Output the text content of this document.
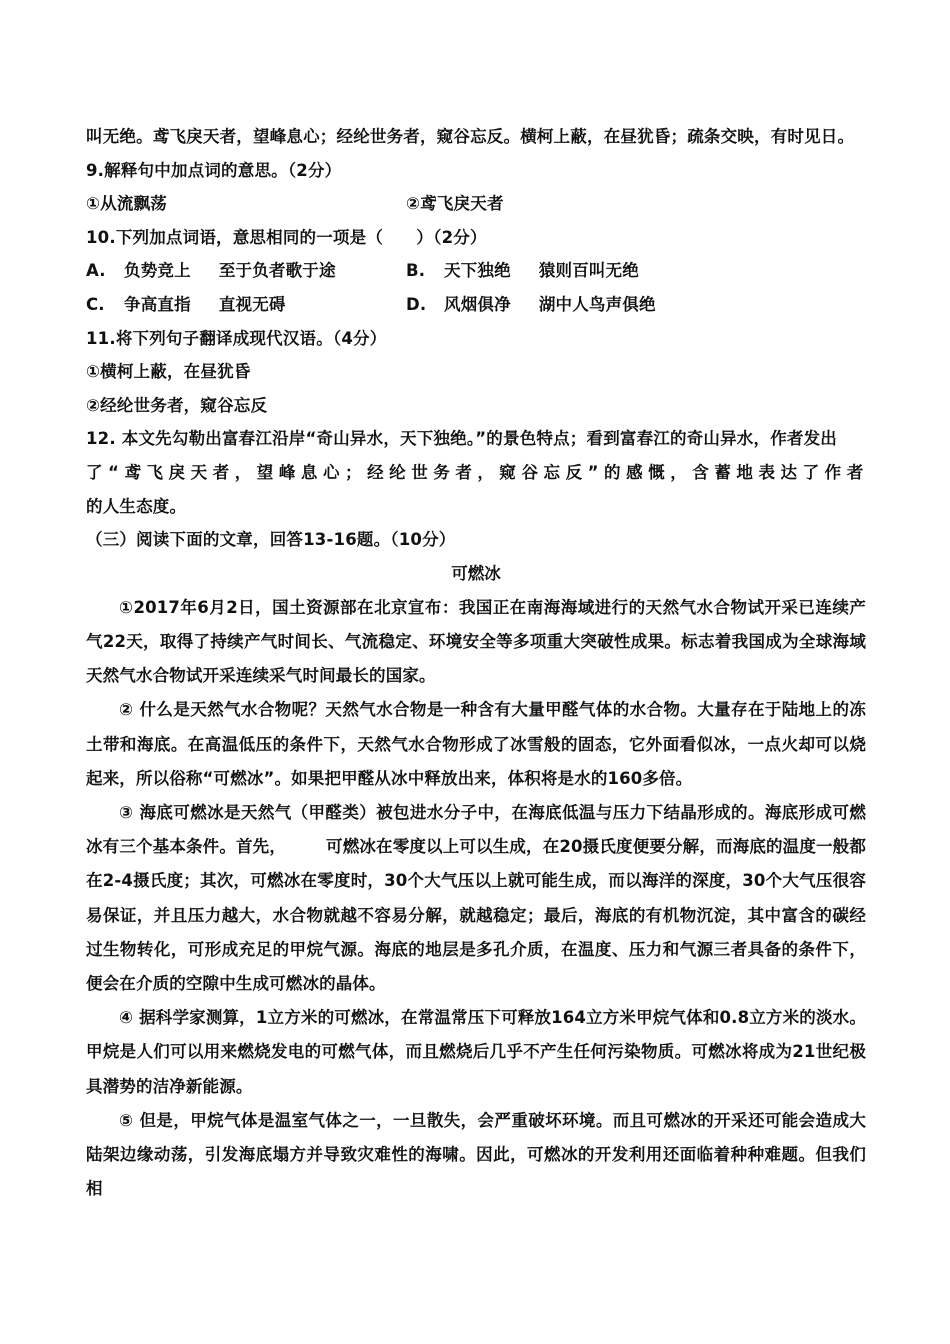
叫无绝。鸢飞戾天者，望峰息心；经纶世务者，窥谷忘反。横柯上蔽，在昼犹昏；疏条交映，有时见日。
9.解释句中加点词的意思。（2分）
①从流飘荡	②鸢飞戾天者
10.下列加点词语，意思相同的一项是（　　）（2分）
A. 负势竞上 至于负者歌于途	B. 天下独绝 猿则百叫无绝
C. 争高直指 直视无碍	D. 风烟俱净 湖中人鸟声俱绝
11.将下列句子翻译成现代汉语。（4分）
①横柯上蔽，在昼犹昏
②经纶世务者，窥谷忘反
12. 本文先勾勒出富春江沿岸“奇山异水，天下独绝。”的景色特点；看到富春江的奇山异水，作者发出
了“鸢飞戾天者，望峰息心；经纶世务者，窥谷忘反”的感慨，含蓄地表达了作者
的人生态度。
（三）阅读下面的文章，回答13-16题。（10分）
可燃冰

①2017年6月2日，国土资源部在北京宣布：我国正在南海海域进行的天然气水合物试开采已连续产气22天，取得了持续产气时间长、气流稳定、环境安全等多项重大突破性成果。标志着我国成为全球海域天然气水合物试开采连续采气时间最长的国家。

② 什么是天然气水合物呢？天然气水合物是一种含有大量甲醛气体的水合物。大量存在于陆地上的冻土带和海底。在高温低压的条件下，天然气水合物形成了冰雪般的固态，它外面看似冰，一点火却可以烧起来，所以俗称“可燃冰”。如果把甲醛从冰中释放出来，体积将是水的160多倍。

③ 海底可燃冰是天然气（甲醛类）被包进水分子中，在海底低温与压力下结晶形成的。海底形成可燃冰有三个基本条件。首先， 可燃冰在零度以上可以生成，在20摄氏度便要分解，而海底的温度一般都在2-4摄氏度；其次，可燃冰在零度时，30个大气压以上就可能生成，而以海洋的深度，30个大气压很容易保证，并且压力越大，水合物就越不容易分解，就越稳定；最后，海底的有机物沉淀，其中富含的碳经过生物转化，可形成充足的甲烷气源。海底的地层是多孔介质，在温度、压力和气源三者具备的条件下，便会在介质的空隙中生成可燃冰的晶体。

④ 据科学家测算，1立方米的可燃冰，在常温常压下可释放164立方米甲烷气体和0.8立方米的淡水。甲烷是人们可以用来燃烧发电的可燃气体，而且燃烧后几乎不产生任何污染物质。可燃冰将成为21世纪极具潜势的洁净新能源。

⑤ 但是，甲烷气体是温室气体之一，一旦散失，会严重破坏环境。而且可燃冰的开采还可能会造成大陆架边缘动荡，引发海底塌方并导致灾难性的海啸。因此，可燃冰的开发利用还面临着种种难题。但我们相
